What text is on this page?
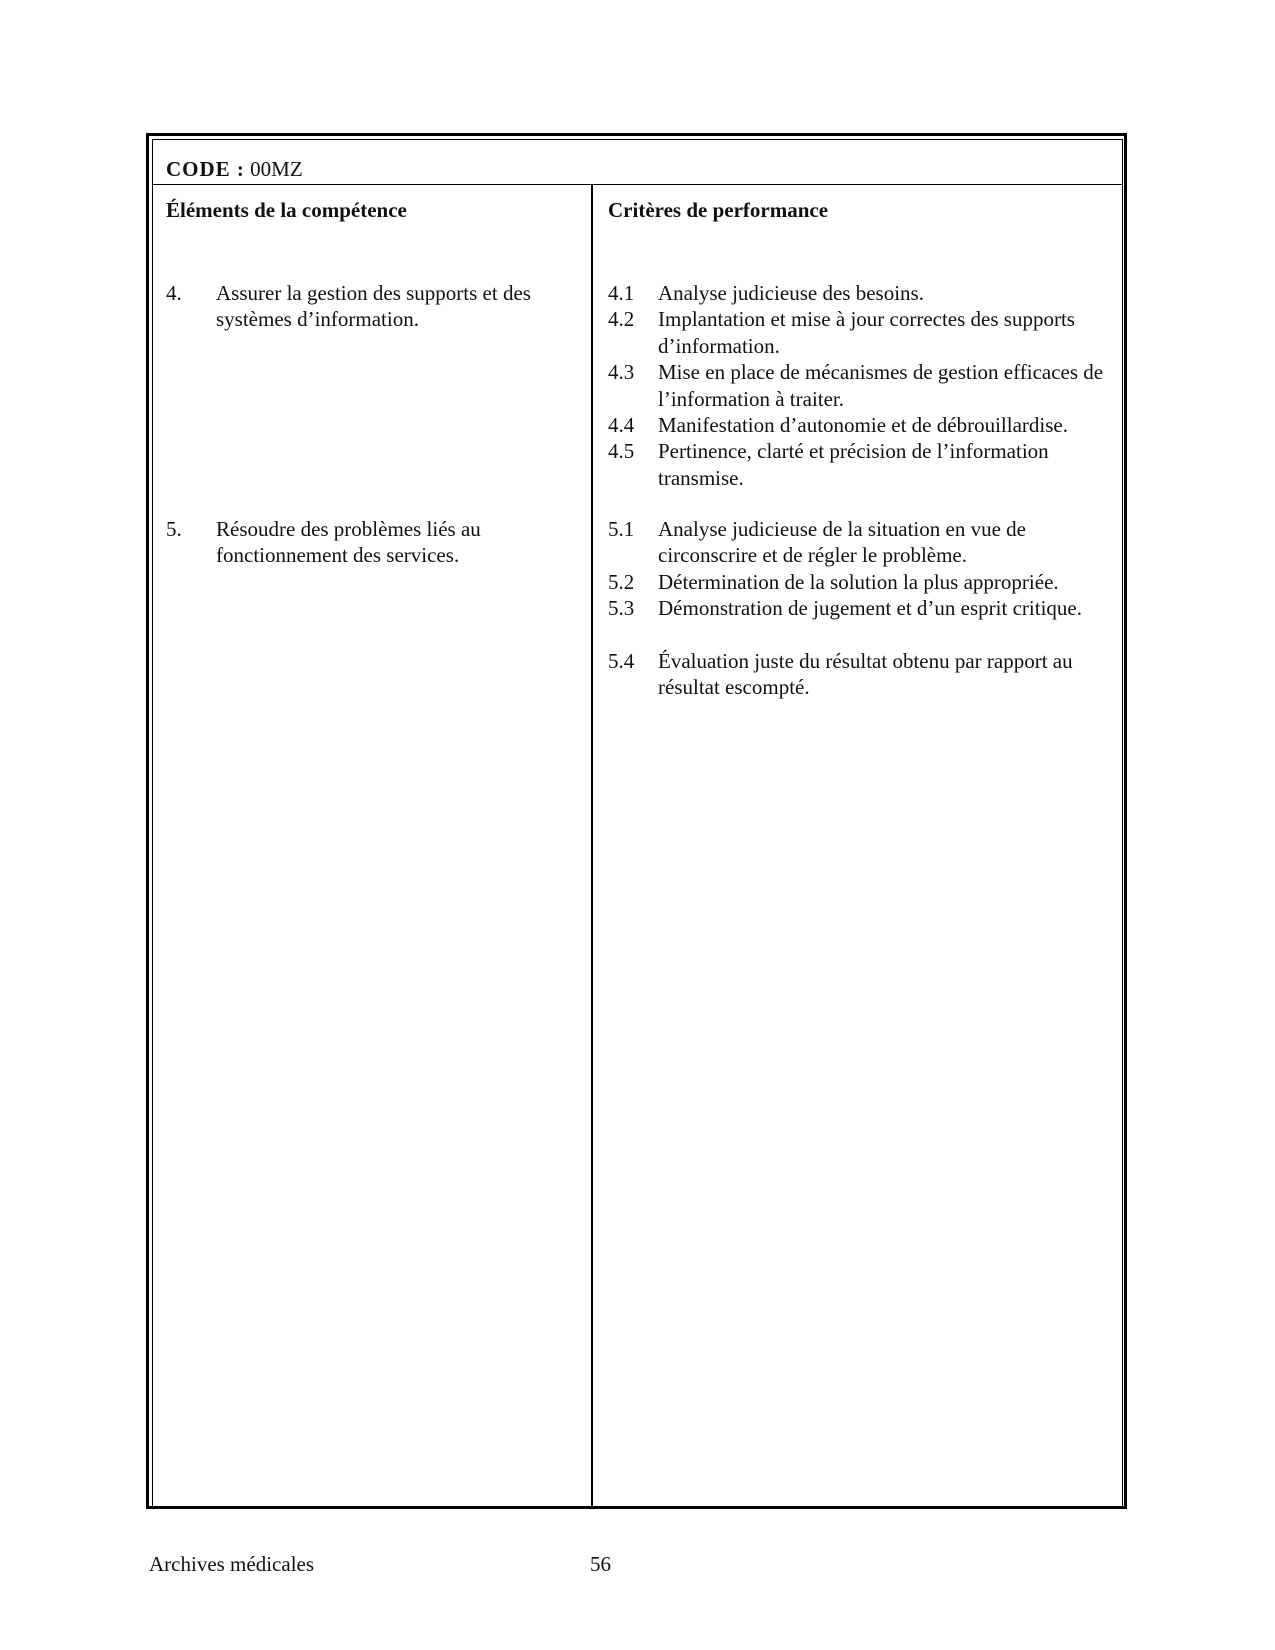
CODE : 00MZ
Éléments de la compétence	Critères de performance
4. Assurer la gestion des supports et des systèmes d’information.
5. Résoudre des problèmes liés au fonctionnement des services.
4.1 Analyse judicieuse des besoins.
4.2 Implantation et mise à jour correctes des supports d’information.
4.3 Mise en place de mécanismes de gestion efficaces de l’information à traiter.
4.4 Manifestation d’autonomie et de débrouillardise.
4.5 Pertinence, clarté et précision de l’information transmise.
5.1 Analyse judicieuse de la situation en vue de circonscrire et de régler le problème.
5.2 Détermination de la solution la plus appropriée.
5.3 Démonstration de jugement et d’un esprit critique.
5.4 Évaluation juste du résultat obtenu par rapport au résultat escompté.
Archives médicales	56
